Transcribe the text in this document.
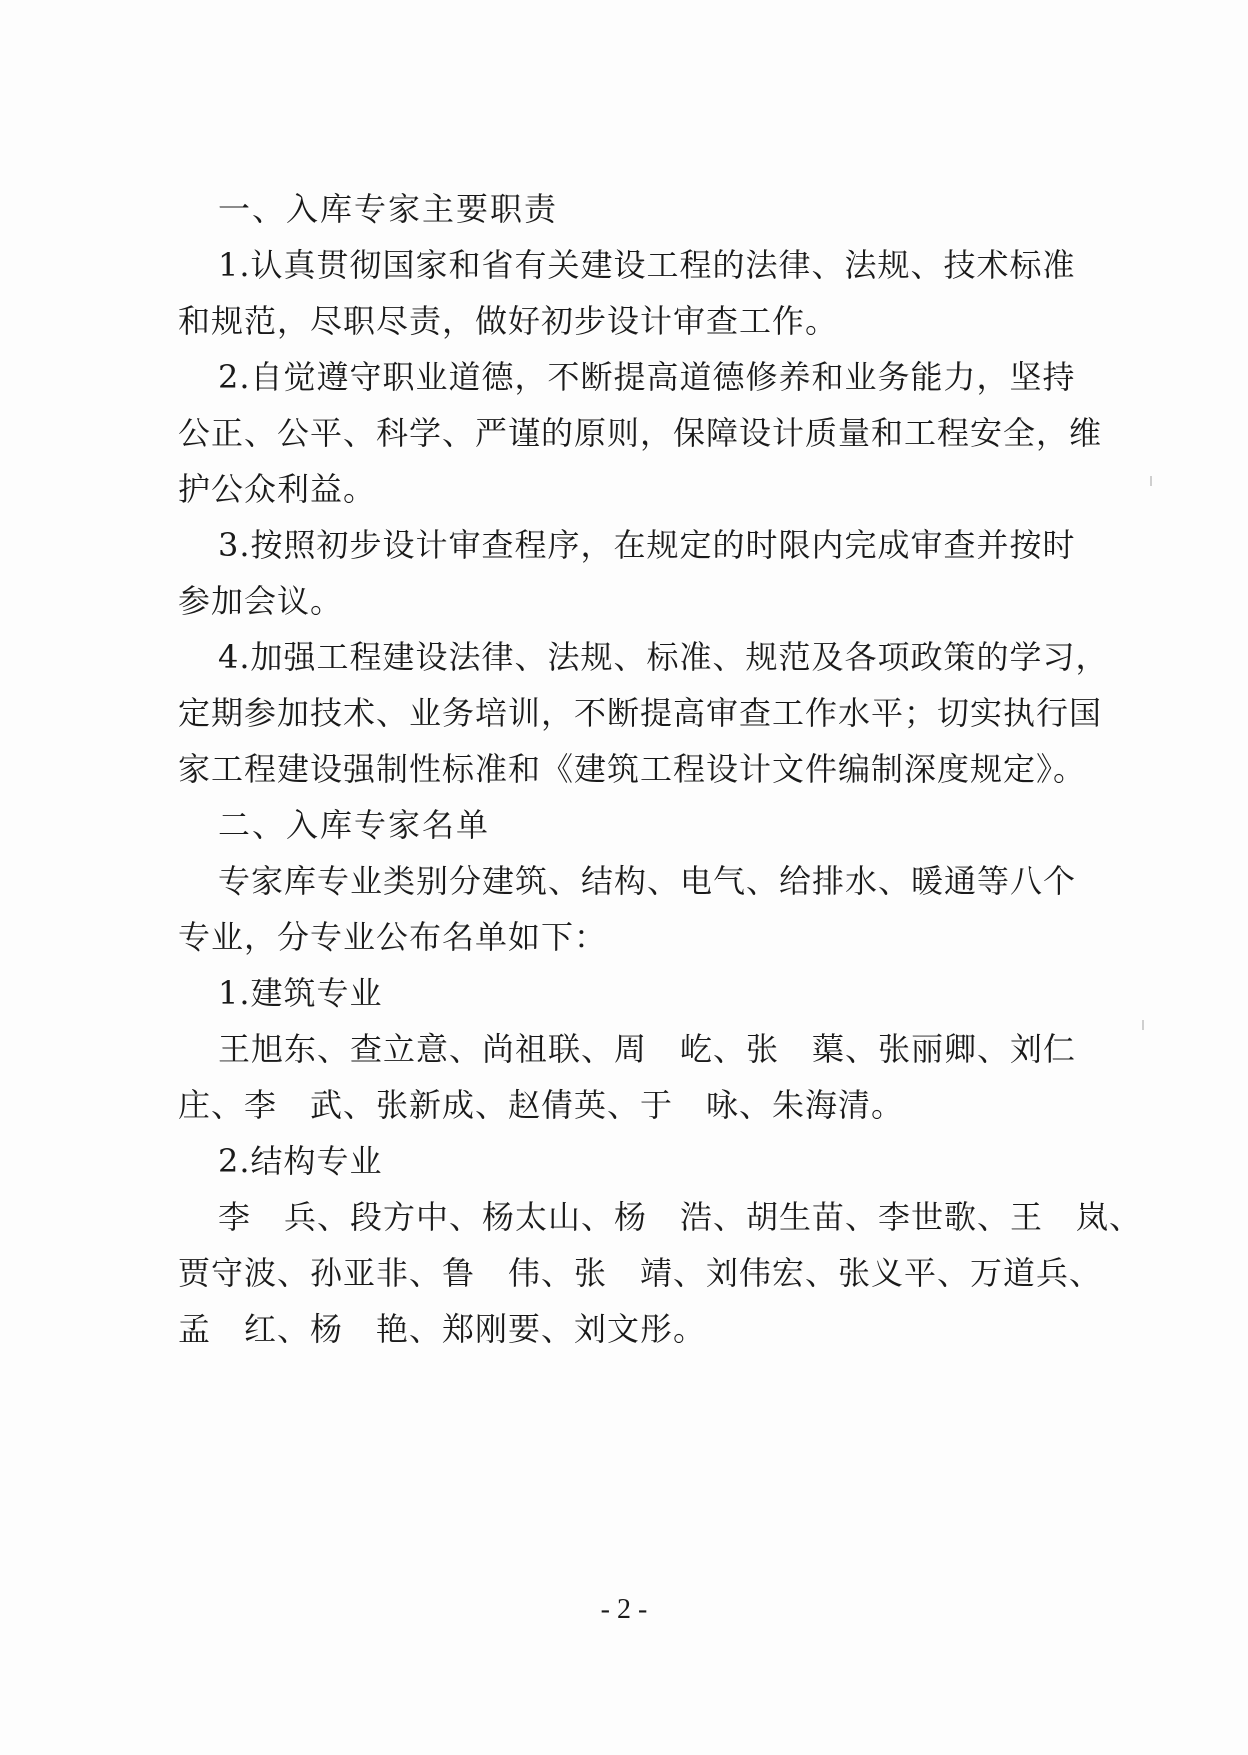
一、入库专家主要职责
1.认真贯彻国家和省有关建设工程的法律、法规、技术标准
和规范，尽职尽责，做好初步设计审查工作。
2.自觉遵守职业道德，不断提高道德修养和业务能力，坚持
公正、公平、科学、严谨的原则，保障设计质量和工程安全，维
护公众利益。
3.按照初步设计审查程序，在规定的时限内完成审查并按时
参加会议。
4.加强工程建设法律、法规、标准、规范及各项政策的学习，
定期参加技术、业务培训，不断提高审查工作水平；切实执行国
家工程建设强制性标准和《建筑工程设计文件编制深度规定》。
二、入库专家名单
专家库专业类别分建筑、结构、电气、给排水、暖通等八个
专业，分专业公布名单如下：
1.建筑专业
王旭东、查立意、尚祖联、周　屹、张　蕖、张丽卿、刘仁
庄、李　武、张新成、赵倩英、于　咏、朱海清。
2.结构专业
李　兵、段方中、杨太山、杨　浩、胡生苗、李世歌、王　岚、
贾守波、孙亚非、鲁　伟、张　靖、刘伟宏、张义平、万道兵、
孟　红、杨　艳、郑刚要、刘文彤。
- 2 -
